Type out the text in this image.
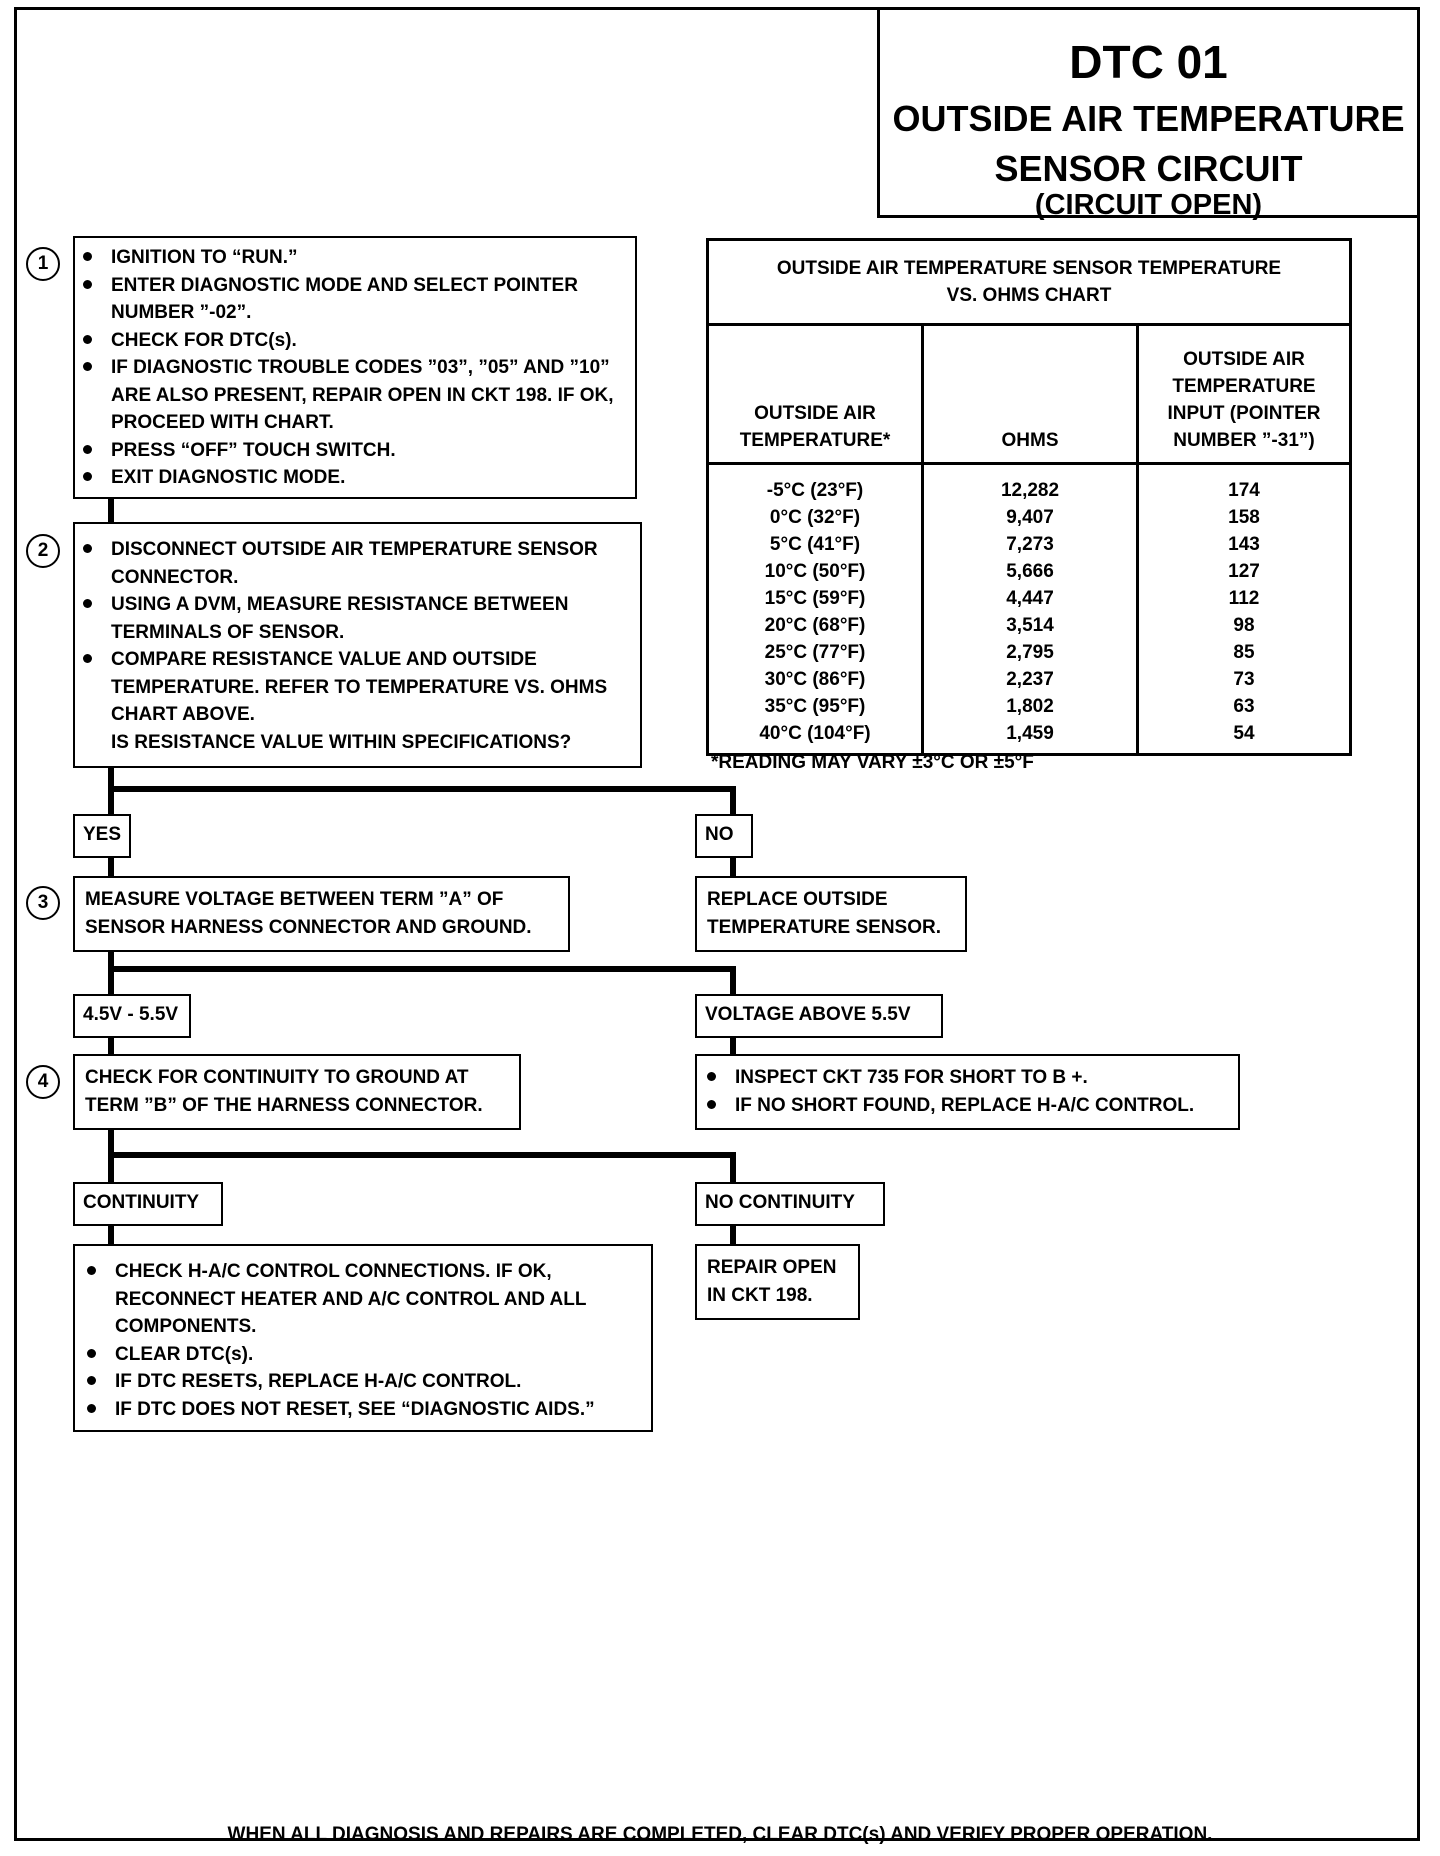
DTC 01
OUTSIDE AIR TEMPERATURE
SENSOR CIRCUIT
(CIRCUIT OPEN)
1	IGNITION TO “RUN.”
ENTER DIAGNOSTIC MODE AND SELECT POINTER NUMBER ”-02”.
CHECK FOR DTC(s).
IF DIAGNOSTIC TROUBLE CODES ”03”, ”05” AND ”10” ARE ALSO PRESENT, REPAIR OPEN IN CKT 198. IF OK, PROCEED WITH CHART.
PRESS “OFF” TOUCH SWITCH.
EXIT DIAGNOSTIC MODE.
2	DISCONNECT OUTSIDE AIR TEMPERATURE SENSOR CONNECTOR.
USING A DVM, MEASURE RESISTANCE BETWEEN TERMINALS OF SENSOR.
COMPARE RESISTANCE VALUE AND OUTSIDE TEMPERATURE. REFER TO TEMPERATURE VS. OHMS CHART ABOVE.
IS RESISTANCE VALUE WITHIN SPECIFICATIONS?
OUTSIDE AIR TEMPERATURE SENSOR TEMPERATURE VS. OHMS CHART		
OUTSIDE AIR TEMPERATURE*	OHMS	OUTSIDE AIR TEMPERATURE INPUT (POINTER NUMBER ”-31”)
-5°C (23°F)	12,282	174
0°C (32°F)	9,407	158
5°C (41°F)	7,273	143
10°C (50°F)	5,666	127
15°C (59°F)	4,447	112
20°C (68°F)	3,514	98
25°C (77°F)	2,795	85
30°C (86°F)	2,237	73
35°C (95°F)	1,802	63
40°C (104°F)	1,459	54
*READING MAY VARY ±3°C OR ±5°F
YES	NO
3	MEASURE VOLTAGE BETWEEN TERM ”A” OF SENSOR HARNESS CONNECTOR AND GROUND.
REPLACE OUTSIDE TEMPERATURE SENSOR.
4.5V - 5.5V	VOLTAGE ABOVE 5.5V
4	CHECK FOR CONTINUITY TO GROUND AT TERM ”B” OF THE HARNESS CONNECTOR.
INSPECT CKT 735 FOR SHORT TO B +.
IF NO SHORT FOUND, REPLACE H-A/C CONTROL.
CONTINUITY	NO CONTINUITY
CHECK H-A/C CONTROL CONNECTIONS. IF OK, RECONNECT HEATER AND A/C CONTROL AND ALL COMPONENTS.
CLEAR DTC(s).
IF DTC RESETS, REPLACE H-A/C CONTROL.
IF DTC DOES NOT RESET, SEE “DIAGNOSTIC AIDS.”
REPAIR OPEN IN CKT 198.
WHEN ALL DIAGNOSIS AND REPAIRS ARE COMPLETED, CLEAR DTC(s) AND VERIFY PROPER OPERATION.
